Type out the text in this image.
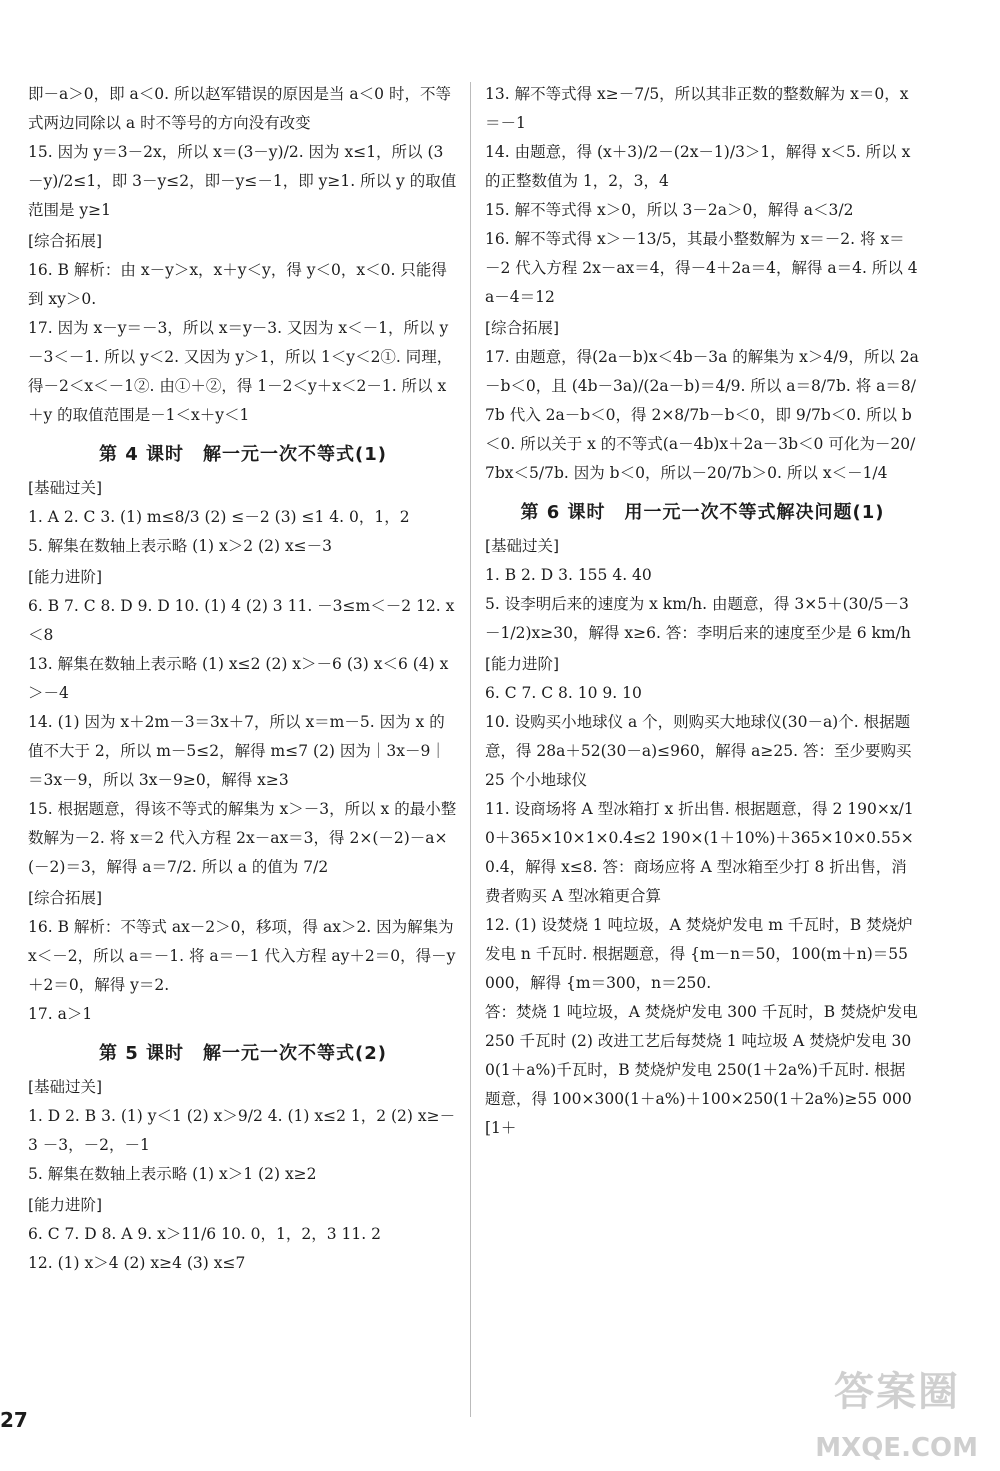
即－a＞0，即 a＜0. 所以赵军错误的原因是当 a＜0 时，不等式两边同除以 a 时不等号的方向没有改变
15. 因为 y＝3－2x，所以 x＝(3－y)/2. 因为 x≤1，所以 (3－y)/2≤1，即 3－y≤2，即－y≤－1，即 y≥1. 所以 y 的取值范围是 y≥1
[综合拓展]
16. B 解析：由 x－y＞x，x＋y＜y，得 y＜0，x＜0. 只能得到 xy＞0.
17. 因为 x－y＝－3，所以 x＝y－3. 又因为 x＜－1，所以 y－3＜－1. 所以 y＜2. 又因为 y＞1，所以 1＜y＜2①. 同理，得－2＜x＜－1②. 由①＋②，得 1－2＜y＋x＜2－1. 所以 x＋y 的取值范围是－1＜x＋y＜1
第 4 课时　解一元一次不等式(1)
[基础过关]
1. A 2. C 3. (1) m≤8/3 (2) ≤－2 (3) ≤1 4. 0，1，2
5. 解集在数轴上表示略 (1) x＞2 (2) x≤－3
[能力进阶]
6. B 7. C 8. D 9. D 10. (1) 4 (2) 3 11. －3≤m＜－2 12. x＜8
13. 解集在数轴上表示略 (1) x≤2 (2) x＞－6 (3) x＜6 (4) x＞－4
14. (1) 因为 x＋2m－3＝3x＋7，所以 x＝m－5. 因为 x 的值不大于 2，所以 m－5≤2，解得 m≤7 (2) 因为｜3x－9｜＝3x－9，所以 3x－9≥0，解得 x≥3
15. 根据题意，得该不等式的解集为 x＞－3，所以 x 的最小整数解为－2. 将 x＝2 代入方程 2x－ax＝3，得 2×(－2)－a×(－2)＝3，解得 a＝7/2. 所以 a 的值为 7/2
[综合拓展]
16. B 解析：不等式 ax－2＞0，移项，得 ax＞2. 因为解集为 x＜－2，所以 a＝－1. 将 a＝－1 代入方程 ay＋2＝0，得－y＋2＝0，解得 y＝2.
17. a＞1
第 5 课时　解一元一次不等式(2)
[基础过关]
1. D 2. B 3. (1) y＜1 (2) x＞9/2 4. (1) x≤2 1，2 (2) x≥－3 －3，－2，－1
5. 解集在数轴上表示略 (1) x＞1 (2) x≥2
[能力进阶]
6. C 7. D 8. A 9. x＞11/6 10. 0，1，2，3 11. 2
12. (1) x＞4 (2) x≥4 (3) x≤7
13. 解不等式得 x≥－7/5，所以其非正数的整数解为 x＝0，x＝－1
14. 由题意，得 (x＋3)/2－(2x－1)/3＞1，解得 x＜5. 所以 x 的正整数值为 1，2，3，4
15. 解不等式得 x＞0，所以 3－2a＞0，解得 a＜3/2
16. 解不等式得 x＞－13/5，其最小整数解为 x＝－2. 将 x＝－2 代入方程 2x－ax＝4，得－4＋2a＝4，解得 a＝4. 所以 4a－4＝12
[综合拓展]
17. 由题意，得(2a－b)x＜4b－3a 的解集为 x＞4/9，所以 2a－b＜0，且 (4b－3a)/(2a－b)＝4/9. 所以 a＝8/7b. 将 a＝8/7b 代入 2a－b＜0，得 2×8/7b－b＜0，即 9/7b＜0. 所以 b＜0. 所以关于 x 的不等式(a－4b)x＋2a－3b＜0 可化为－20/7bx＜5/7b. 因为 b＜0，所以－20/7b＞0. 所以 x＜－1/4
第 6 课时　用一元一次不等式解决问题(1)
[基础过关]
1. B 2. D 3. 155 4. 40
5. 设李明后来的速度为 x km/h. 由题意，得 3×5＋(30/5－3－1/2)x≥30，解得 x≥6. 答：李明后来的速度至少是 6 km/h
[能力进阶]
6. C 7. C 8. 10 9. 10
10. 设购买小地球仪 a 个，则购买大地球仪(30－a)个. 根据题意，得 28a＋52(30－a)≤960，解得 a≥25. 答：至少要购买 25 个小地球仪
11. 设商场将 A 型冰箱打 x 折出售. 根据题意，得 2 190×x/10＋365×10×1×0.4≤2 190×(1＋10%)＋365×10×0.55×0.4，解得 x≤8. 答：商场应将 A 型冰箱至少打 8 折出售，消费者购买 A 型冰箱更合算
12. (1) 设焚烧 1 吨垃圾，A 焚烧炉发电 m 千瓦时，B 焚烧炉发电 n 千瓦时. 根据题意，得 {m－n＝50，100(m＋n)＝55 000，解得 {m＝300，n＝250.
答：焚烧 1 吨垃圾，A 焚烧炉发电 300 千瓦时，B 焚烧炉发电 250 千瓦时 (2) 改进工艺后每焚烧 1 吨垃圾 A 焚烧炉发电 300(1＋a%)千瓦时，B 焚烧炉发电 250(1＋2a%)千瓦时. 根据题意，得 100×300(1＋a%)＋100×250(1＋2a%)≥55 000[1＋
27
答案圈
MXQE.COM
